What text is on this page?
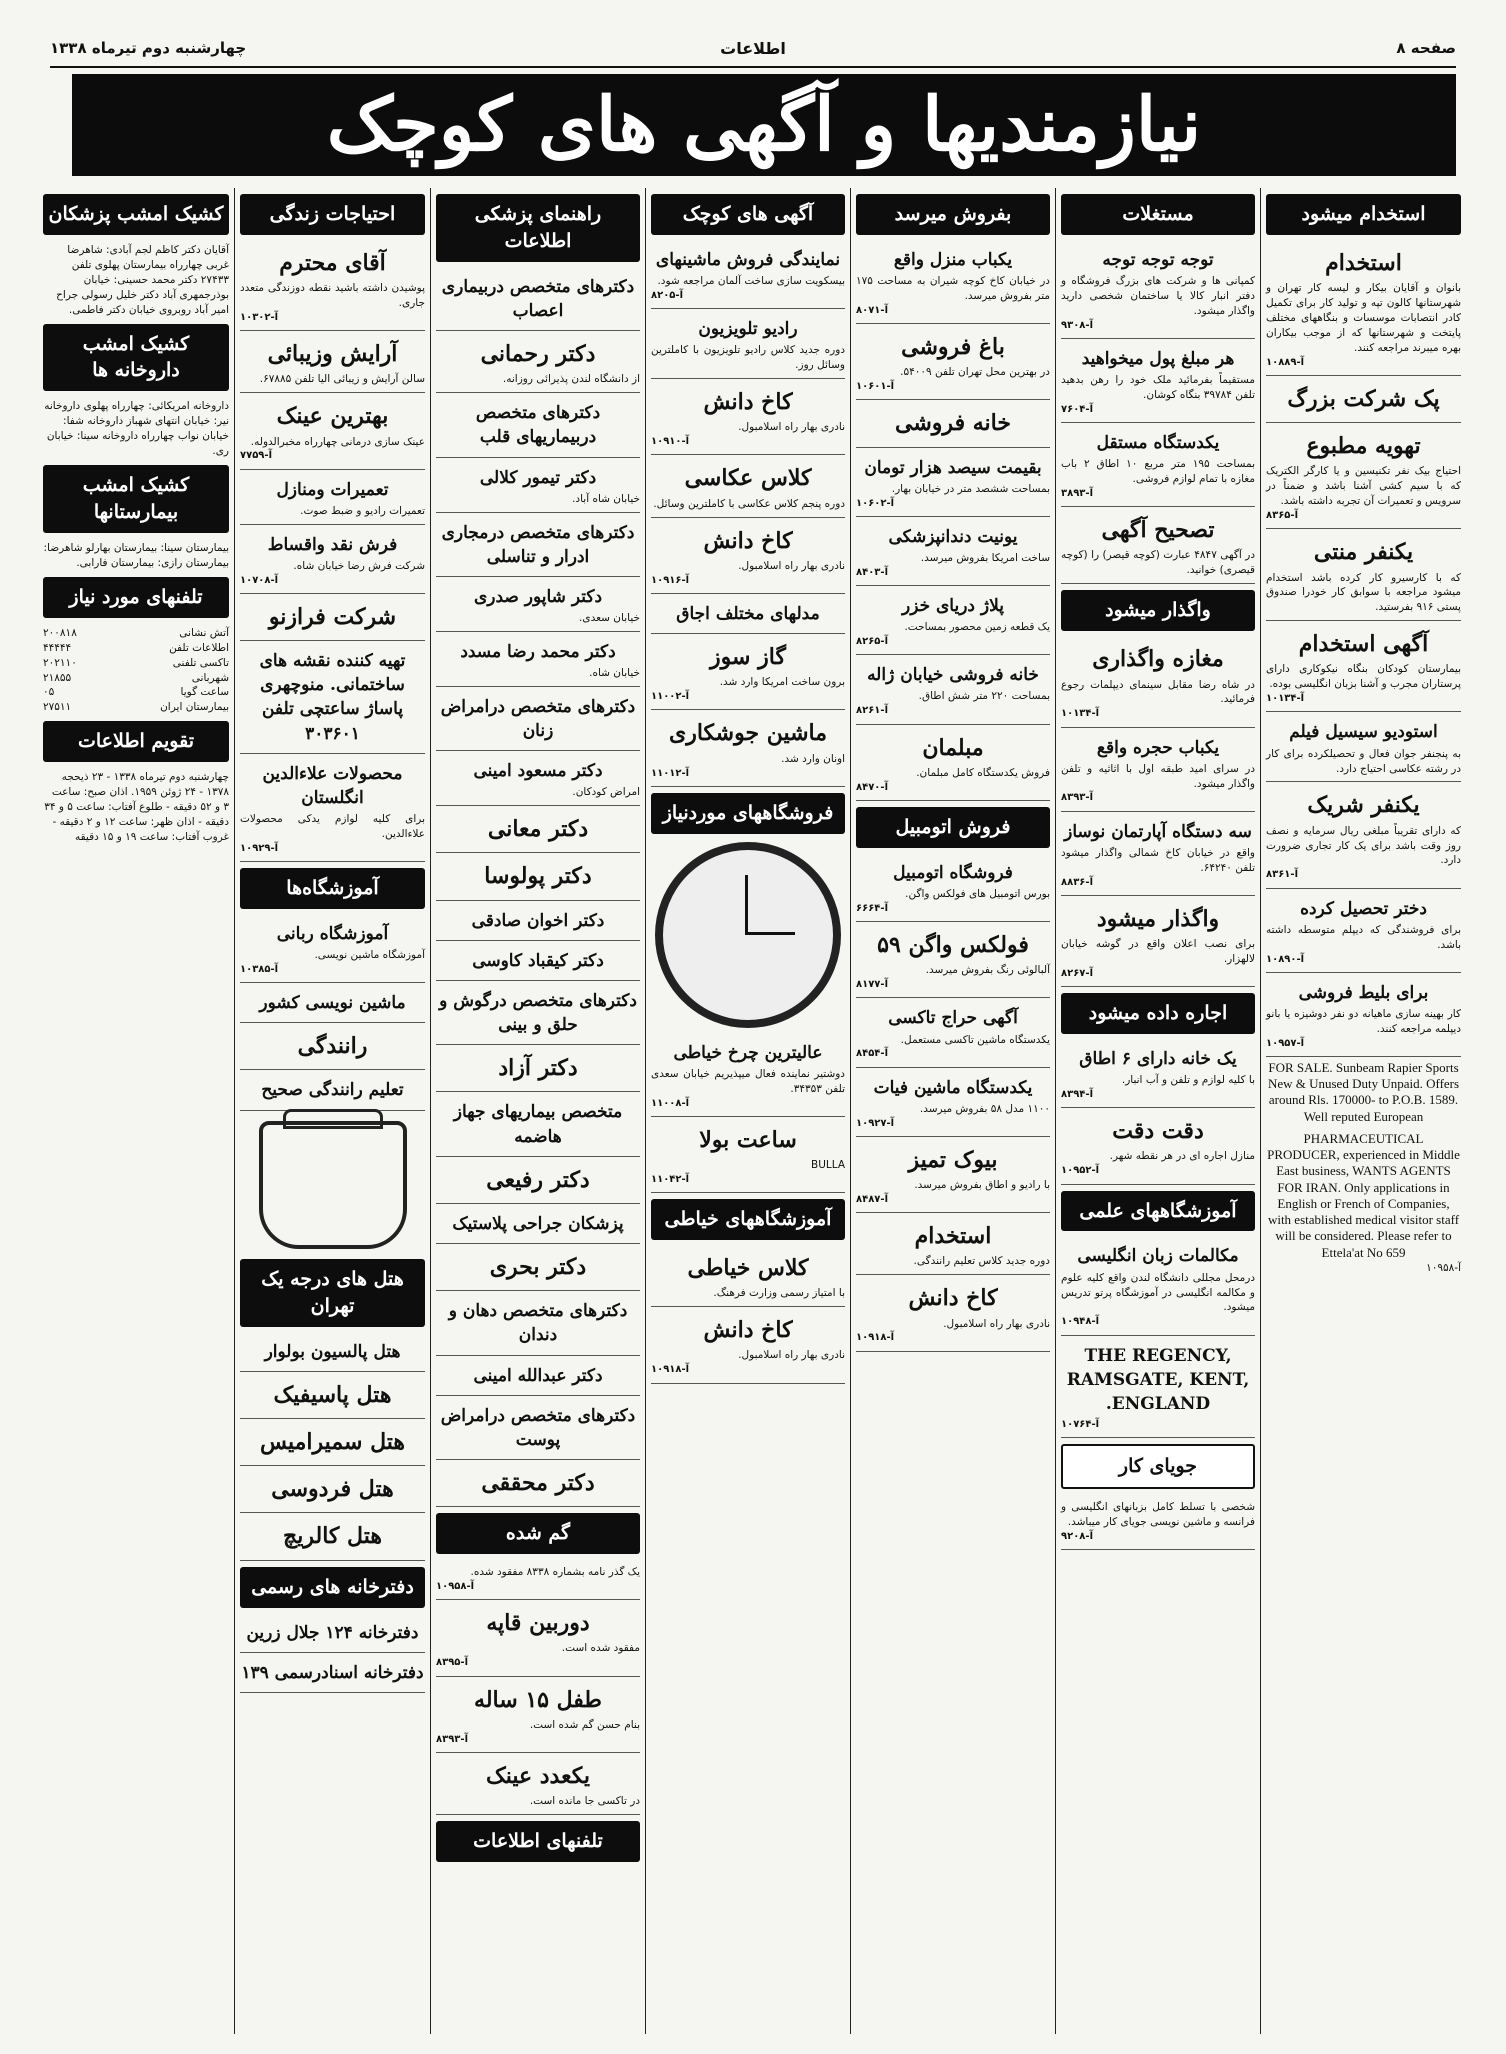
صفحه ۸
اطلاعات
چهارشنبه دوم تیرماه ۱۳۳۸
نیازمندیها و آگهی های کوچک
استخدام میشود
استخدام
بانوان و آقایان بیکار و لیسه کار تهران و شهرستانها کالون تپه و تولید کار برای تکمیل کادر انتصابات موسسات و بنگاههای مختلف پایتخت و شهرستانها که از موجب بیکاران بهره میبرند مراجعه کنند.
آ-۱۰۸۸۹
پک شرکت بزرگ
تهویه مطبوع
احتیاج بیک نفر تکنیسین و یا کارگر الکتریک که با سیم کشی آشنا باشد و ضمناً در سرویس و تعمیرات آن تجربه داشته باشد.
آ-۸۳۶۵
یکنفر منتی
که با کارسیرو کار کرده باشد استخدام میشود مراجعه با سوابق کار خودرا صندوق پستی ۹۱۶ بفرستید.
آگهی استخدام
بیمارستان کودکان بنگاه نیکوکاری دارای پرستاران مجرب و آشنا بزبان انگلیسی بوده.
آ-۱۰۱۳۴
استودیو سیسیل فیلم
به پنجنفر جوان فعال و تحصیلکرده برای کار در رشته عکاسی احتیاج دارد.
یکنفر شریک
که دارای تقریباً مبلغی ریال سرمایه و نصف روز وقت باشد برای یک کار تجاری ضرورت دارد.
آ-۸۳۶۱
دختر تحصیل کرده
برای فروشندگی که دیپلم متوسطه داشته باشد.
آ-۱۰۸۹۰
برای بلیط فروشی
کار بهینه سازی ماهیانه دو نفر دوشیزه یا بانو دیپلمه مراجعه کنند.
آ-۱۰۹۵۷
FOR SALE. Sunbeam Rapier Sports New & Unused Duty Unpaid. Offers around Rls. 170000- to P.O.B. 1589. Well reputed European
PHARMACEUTICAL PRODUCER, experienced in Middle East business, WANTS AGENTS FOR IRAN. Only applications in English or French of Companies, with established medical visitor staff will be considered. Please refer to Ettela'at No 659
آ-۱۰۹۵۸
مستغلات
توجه توجه توجه
کمپانی ها و شرکت های بزرگ فروشگاه و دفتر انبار کالا یا ساختمان شخصی دارید واگذار میشود.
آ-۹۳۰۸
هر مبلغ پول میخواهید
مستقیماً بفرمائید ملک خود را رهن بدهید تلفن ۳۹۷۸۴ بنگاه کوشان.
آ-۷۶۰۴
یکدستگاه مستقل
بمساحت ۱۹۵ متر مربع ۱۰ اطاق ۲ باب مغازه با تمام لوازم فروشی.
آ-۳۸۹۳
تصحیح آگهی
در آگهی ۴۸۴۷ عبارت (کوچه قیصر) را (کوچه قیصری) خوانید.
واگذار میشود
مغازه واگذاری
در شاه رضا مقابل سینمای دیپلمات رجوع فرمائید.
آ-۱۰۱۳۴
یکباب حجره واقع
در سرای امید طبقه اول با اثاثیه و تلفن واگذار میشود.
آ-۸۳۹۳
سه دستگاه آپارتمان نوساز
واقع در خیابان کاخ شمالی واگذار میشود تلفن ۶۴۲۴۰.
آ-۸۸۳۶
واگذار میشود
برای نصب اعلان واقع در گوشه خیابان لالهزار.
آ-۸۲۶۷
اجاره داده میشود
یک خانه دارای ۶ اطاق
با کلیه لوازم و تلفن و آب انبار.
آ-۸۳۹۴
دقت دقت
منازل اجاره ای در هر نقطه شهر.
آ-۱۰۹۵۲
آموزشگاههای علمی
مکالمات زبان انگلیسی
درمحل مجللی دانشگاه لندن واقع کلیه علوم و مکالمه انگلیسی در آموزشگاه پرتو تدریس میشود.
آ-۱۰۹۴۸
THE REGENCY, RAMSGATE, KENT, ENGLAND.
آ-۱۰۷۶۴
جویای کار
شخصی با تسلط کامل بزبانهای انگلیسی و فرانسه و ماشین نویسی جویای کار میباشد.
آ-۹۲۰۸
بفروش میرسد
یکباب منزل واقع
در خیابان کاخ کوچه شیران به مساحت ۱۷۵ متر بفروش میرسد.
آ-۸۰۷۱
باغ فروشی
در بهترین محل تهران تلفن ۵۴۰۰۹.
آ-۱۰۶۰۱
خانه فروشی
بقیمت سیصد هزار تومان
بمساحت ششصد متر در خیابان بهار.
آ-۱۰۶۰۲
یونیت دندانپزشکی
ساخت امریکا بفروش میرسد.
آ-۸۴۰۳
پلاژ دریای خزر
یک قطعه زمین محصور بمساحت.
آ-۸۲۶۵
خانه فروشی خیابان ژاله
بمساحت ۲۲۰ متر شش اطاق.
آ-۸۲۶۱
مبلمان
فروش یکدستگاه کامل مبلمان.
آ-۸۴۷۰
فروش اتومبیل
فروشگاه اتومبیل
بورس اتومبیل های فولکس واگن.
آ-۶۶۶۴
فولکس واگن ۵۹
آلبالوئی رنگ بفروش میرسد.
آ-۸۱۷۷
آگهی حراج تاکسی
یکدستگاه ماشین تاکسی مستعمل.
آ-۸۴۵۴
یکدستگاه ماشین فیات
۱۱۰۰ مدل ۵۸ بفروش میرسد.
آ-۱۰۹۲۷
بیوک تمیز
با رادیو و اطاق بفروش میرسد.
آ-۸۴۸۷
استخدام
دوره جدید کلاس تعلیم رانندگی.
کاخ دانش
نادری بهار راه اسلامبول.
آ-۱۰۹۱۸
آگهی های کوچک
نمایندگی فروش ماشینهای
بیسکویت سازی ساخت آلمان مراجعه شود.
آ-۸۲۰۵
رادیو تلویزیون
دوره جدید کلاس رادیو تلویزیون با کاملترین وسائل روز.
کاخ دانش
نادری بهار راه اسلامبول.
آ-۱۰۹۱۰
کلاس عکاسی
دوره پنجم کلاس عکاسی با کاملترین وسائل.
کاخ دانش
نادری بهار راه اسلامبول.
آ-۱۰۹۱۶
مدلهای مختلف اجاق
گاز سوز
برون ساخت امریکا وارد شد.
آ-۱۱۰۰۲
ماشین جوشکاری
اونان وارد شد.
آ-۱۱۰۱۲
فروشگاههای موردنیاز
عالیترین چرخ خیاطی
دوشتیر نماینده فعال میپذیریم خیابان سعدی تلفن ۳۴۳۵۳.
آ-۱۱۰۰۸
ساعت بولا
BULLA
آ-۱۱۰۴۲
آموزشگاههای خیاطی
کلاس خیاطی
با امتیاز رسمی وزارت فرهنگ.
کاخ دانش
نادری بهار راه اسلامبول.
آ-۱۰۹۱۸
راهنمای پزشکی اطلاعات
دکترهای متخصص دربیماری اعصاب
دکتر رحمانی
از دانشگاه لندن پذیرائی روزانه.
دکترهای متخصص دربیماریهای قلب
دکتر تیمور کلالی
خیابان شاه آباد.
دکترهای متخصص درمجاری ادرار و تناسلی
دکتر شاپور صدری
خیابان سعدی.
دکتر محمد رضا مسدد
خیابان شاه.
دکترهای متخصص درامراض زنان
دکتر مسعود امینی
امراض کودکان.
دکتر معانی
دکتر پولوسا
دکتر اخوان صادقی
دکتر کیقباد کاوسی
دکترهای متخصص درگوش و حلق و بینی
دکتر آزاد
متخصص بیماریهای جهاز هاضمه
دکتر رفیعی
پزشکان جراحی پلاستیک
دکتر بحری
دکترهای متخصص دهان و دندان
دکتر عبدالله امینی
دکترهای متخصص درامراض پوست
دکتر محققی
گم شده
یک گذر نامه بشماره ۸۳۳۸ مفقود شده.
آ-۱۰۹۵۸
دوربین قاپه
مفقود شده است.
آ-۸۳۹۵
طفل ۱۵ ساله
بنام حسن گم شده است.
آ-۸۳۹۳
یکعدد عینک
در تاکسی جا مانده است.
تلفنهای اطلاعات
احتیاجات زندگی
آقای محترم
پوشیدن داشته باشید نقطه دوزندگی متعدد جاری.
آ-۱۰۳۰۲
آرایش وزیبائی
سالن آرایش و زیبائی الیا تلفن ۶۷۸۸۵.
بهترین عینک
عینک سازی درمانی چهارراه مخبرالدوله.
آ-۷۷۵۹
تعمیرات ومنازل
تعمیرات رادیو و ضبط صوت.
فرش نقد واقساط
شرکت فرش رضا خیابان شاه.
آ-۱۰۷۰۸
شرکت فرازنو
تهیه کننده نقشه های ساختمانی. منوچهری پاساژ ساعتچی تلفن ۳۰۳۶۰۱
محصولات علاءالدین انگلستان
برای کلیه لوازم یدکی محصولات علاءالدین.
آ-۱۰۹۲۹
آموزشگاه‌ها
آموزشگاه ربانی
آموزشگاه ماشین نویسی.
آ-۱۰۳۸۵
ماشین نویسی کشور
رانندگی
تعلیم رانندگی صحیح
هتل های درجه یک تهران
هتل پالسیون بولوار
هتل پاسیفیک
هتل سمیرامیس
هتل فردوسی
هتل کالریچ
دفترخانه های رسمی
دفترخانه ۱۲۴ جلال زرین
دفترخانه اسنادرسمی ۱۳۹
کشیک امشب پزشکان
آقایان دکتر کاظم لجم آبادی: شاهرضا غربی چهارراه بیمارستان پهلوی تلفن ۲۷۴۳۳ دکتر محمد حسینی: خیابان بوذرجمهری آباد دکتر خلیل رسولی جراح امیر آباد روبروی خیابان دکتر فاطمی.
کشیک امشب داروخانه ها
داروخانه امریکائی: چهارراه پهلوی داروخانه نیر: خیابان انتهای شهباز داروخانه شفا: خیابان نواب چهارراه داروخانه سینا: خیابان ری.
کشیک امشب بیمارستانها
بیمارستان سینا: بیمارستان بهارلو شاهرضا: بیمارستان رازی: بیمارستان فارابی.
تلفنهای مورد نیاز
آتش نشانی
۲۰۰۸۱۸
اطلاعات تلفن
۴۴۴۴۴
تاکسی تلفنی
۲۰۲۱۱۰
شهربانی
۲۱۸۵۵
ساعت گویا
۰۵
بیمارستان ایران
۲۷۵۱۱
تقویم اطلاعات
چهارشنبه دوم تیرماه ۱۳۳۸ - ۲۳ ذیحجه ۱۳۷۸ - ۲۴ ژوئن ۱۹۵۹. اذان صبح: ساعت ۳ و ۵۲ دقیقه - طلوع آفتاب: ساعت ۵ و ۳۴ دقیقه - اذان ظهر: ساعت ۱۲ و ۲ دقیقه - غروب آفتاب: ساعت ۱۹ و ۱۵ دقیقه
